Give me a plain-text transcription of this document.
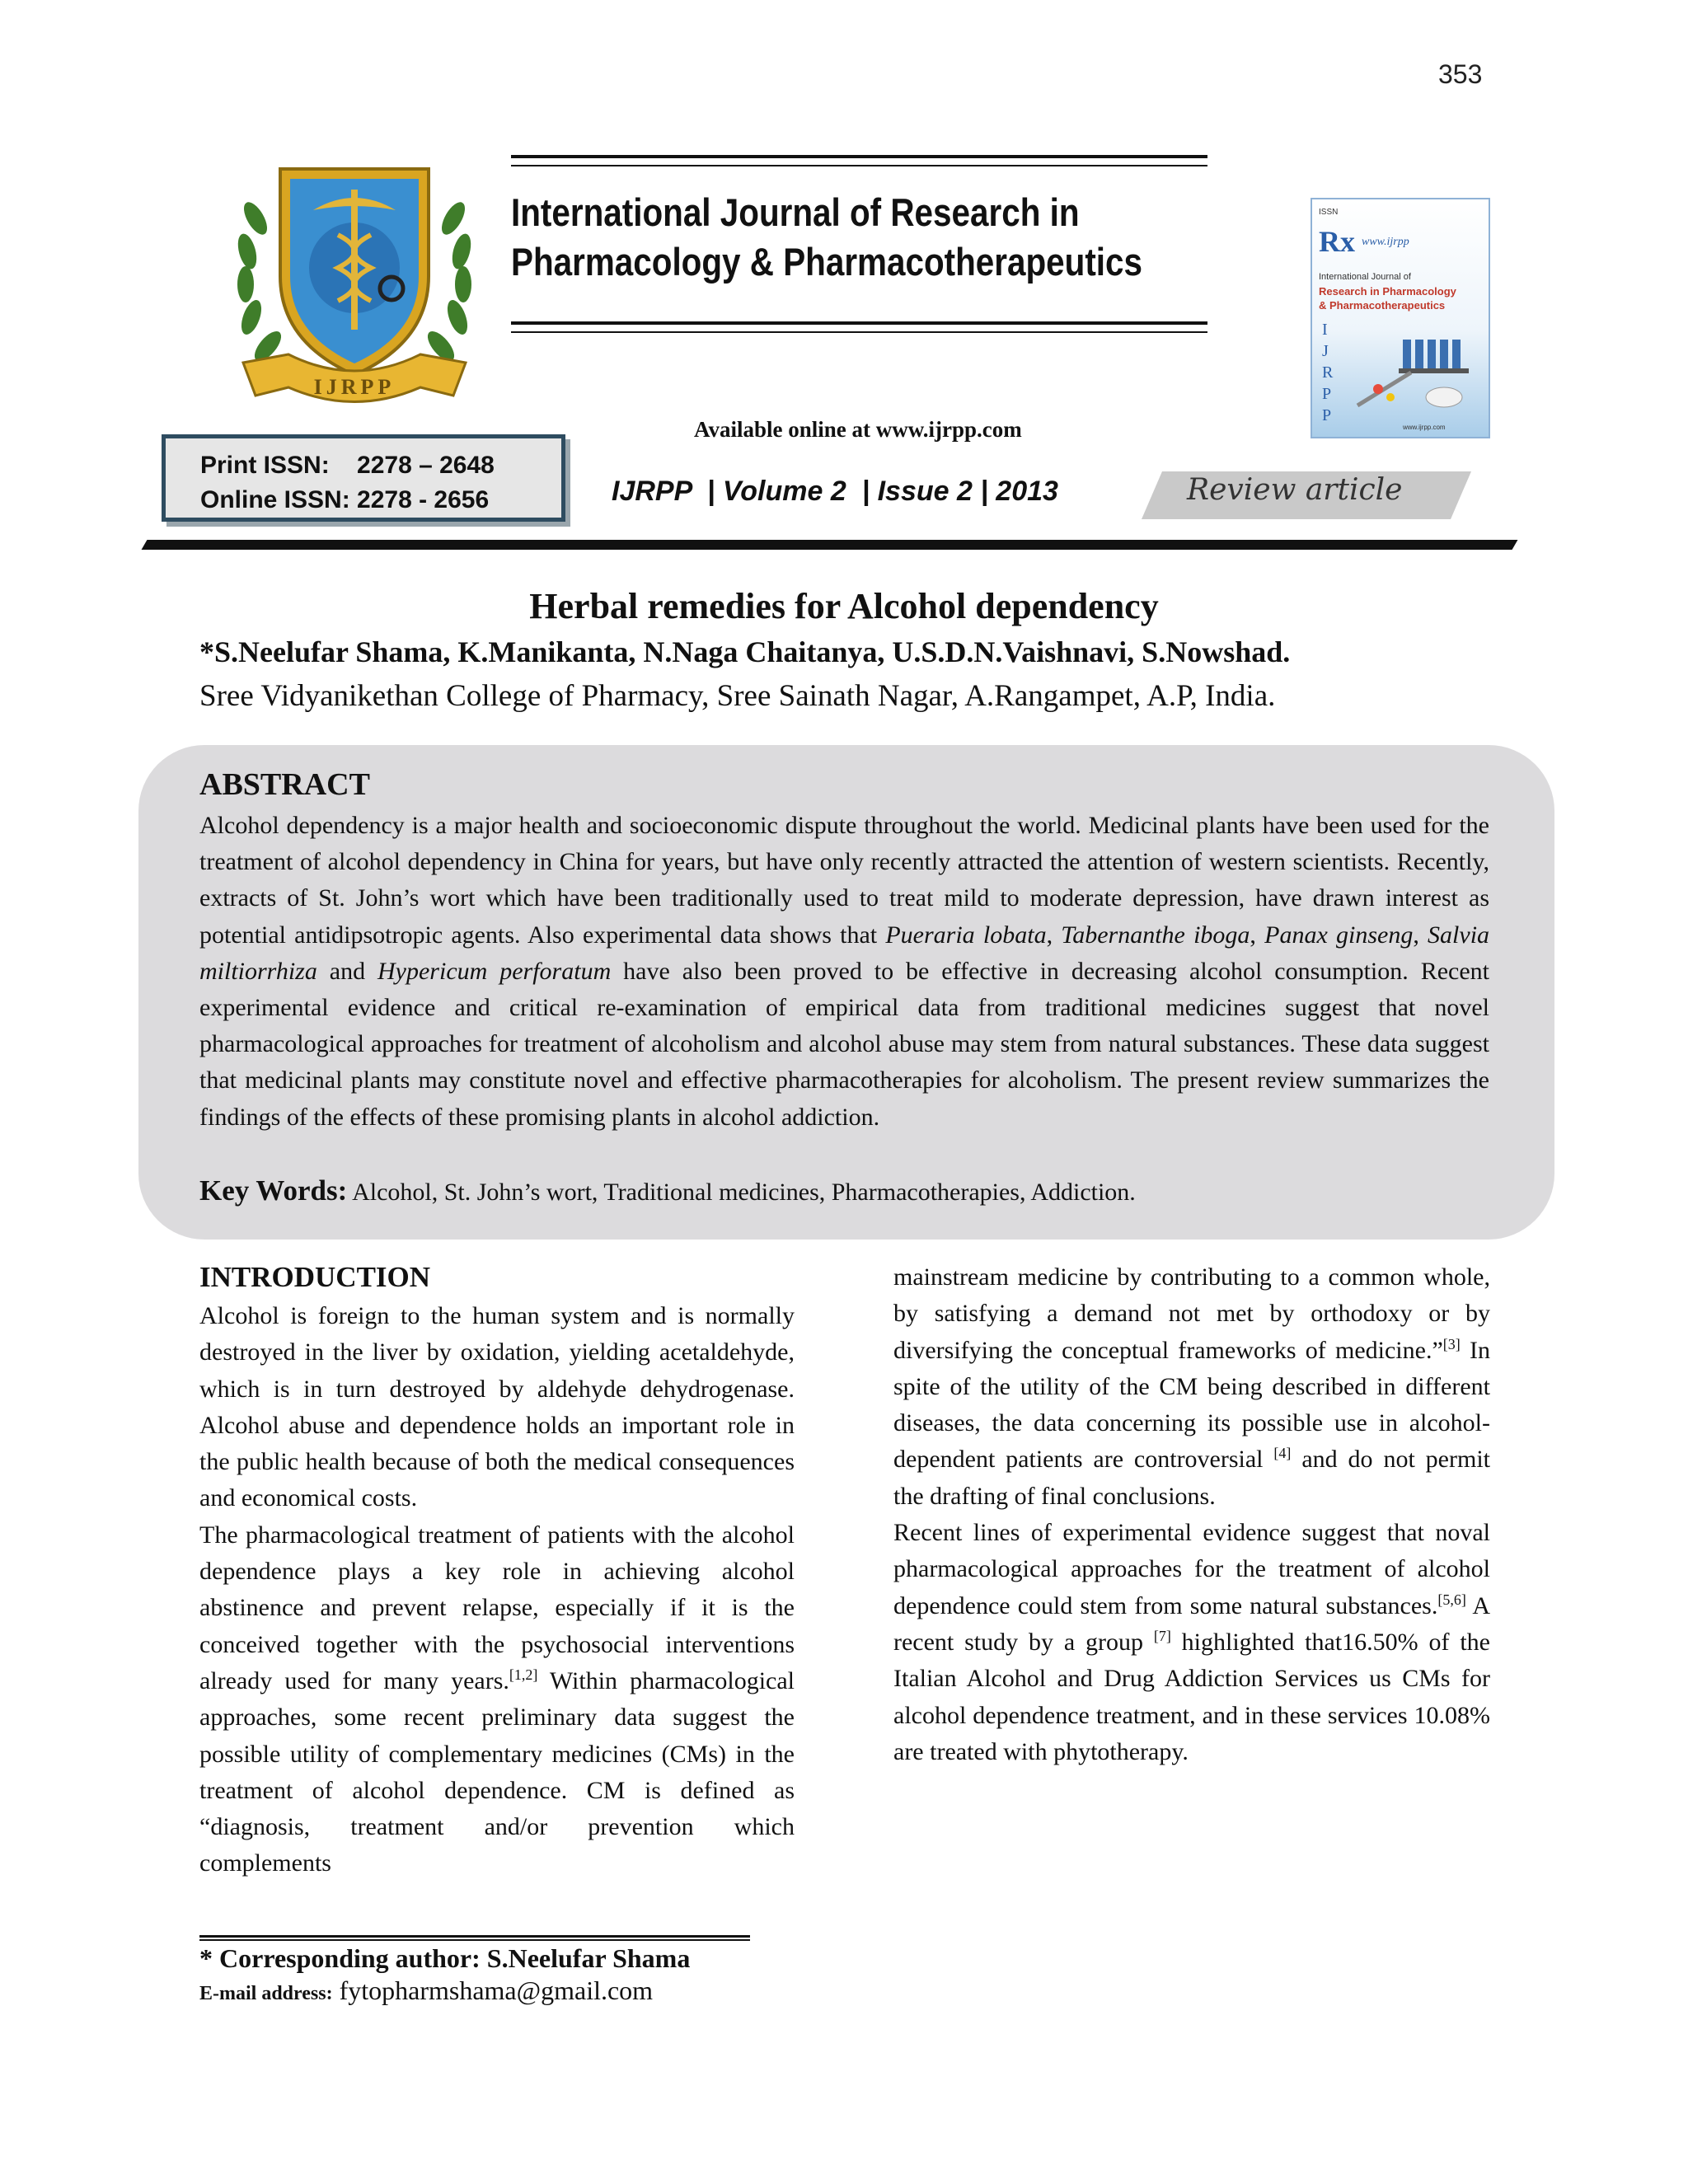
353
IJRPP
International Journal of Research in
Pharmacology & Pharmacotherapeutics
ISSN
Rx www.ijrpp
International Journal of
Research in Pharmacology
& Pharmacotherapeutics
I
J
R
P
P
www.ijrpp.com
Available online at www.ijrpp.com
Print ISSN:    2278 – 2648
Online ISSN: 2278 - 2656	IJRPP  | Volume 2  | Issue 2 | 2013	Review article
Herbal remedies for Alcohol dependency
*S.Neelufar Shama, K.Manikanta, N.Naga Chaitanya, U.S.D.N.Vaishnavi, S.Nowshad.
Sree Vidyanikethan College of Pharmacy, Sree Sainath Nagar, A.Rangampet, A.P, India.
ABSTRACT
Alcohol dependency is a major health and socioeconomic dispute throughout the world. Medicinal plants have been used for the treatment of alcohol dependency in China for years, but have only recently attracted the attention of western scientists. Recently, extracts of St. John’s wort which have been traditionally used to treat mild to moderate depression, have drawn interest as potential antidipsotropic agents. Also experimental data shows that Pueraria lobata, Tabernanthe iboga, Panax ginseng, Salvia miltiorrhiza and Hypericum perforatum have also been proved to be effective in decreasing alcohol consumption. Recent experimental evidence and critical re-examination of empirical data from traditional medicines suggest that novel pharmacological approaches for treatment of alcoholism and alcohol abuse may stem from natural substances. These data suggest that medicinal plants may constitute novel and effective pharmacotherapies for alcoholism. The present review summarizes the findings of the effects of these promising plants in alcohol addiction.
Key Words: Alcohol, St. John’s wort, Traditional medicines, Pharmacotherapies, Addiction.
INTRODUCTION

Alcohol is foreign to the human system and is normally destroyed in the liver by oxidation, yielding acetaldehyde, which is in turn destroyed by aldehyde dehydrogenase. Alcohol abuse and dependence holds an important role in the public health because of both the medical consequences and economical costs.

The pharmacological treatment of patients with the alcohol dependence plays a key role in achieving alcohol abstinence and prevent relapse, especially if it is the conceived together with the psychosocial interventions already used for many years.[1,2] Within pharmacological approaches, some recent preliminary data suggest the possible utility of complementary medicines (CMs) in the treatment of alcohol dependence. CM is defined as “diagnosis, treatment and/or prevention which complements

mainstream medicine by contributing to a common whole, by satisfying a demand not met by orthodoxy or by diversifying the conceptual frameworks of medicine.”[3] In spite of the utility of the CM being described in different diseases, the data concerning its possible use in alcohol-dependent patients are controversial [4] and do not permit the drafting of final conclusions.

Recent lines of experimental evidence suggest that noval pharmacological approaches for the treatment of alcohol dependence could stem from some natural substances.[5,6] A recent study by a group [7] highlighted that16.50% of the Italian Alcohol and Drug Addiction Services us CMs for alcohol dependence treatment, and in these services 10.08% are treated with phytotherapy.

* Corresponding author: S.Neelufar Shama
E-mail address: fytopharmshama@gmail.com
